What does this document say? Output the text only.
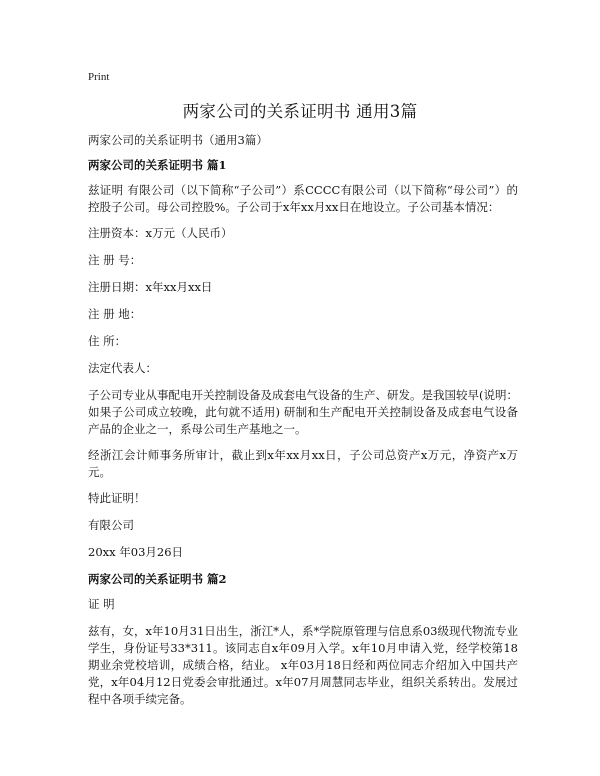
Print
两家公司的关系证明书 通用3篇

两家公司的关系证明书（通用3篇）

两家公司的关系证明书 篇1

兹证明 有限公司（以下简称“子公司”）系CCCC有限公司（以下简称“母公司”）的控股子公司。母公司控股%。子公司于x年xx月xx日在地设立。子公司基本情况：

注册资本：x万元（人民币）

注 册 号：

注册日期：x年xx月xx日

注 册 地：

住 所：

法定代表人：

子公司专业从事配电开关控制设备及成套电气设备的生产、研发。是我国较早(说明：如果子公司成立较晚，此句就不适用) 研制和生产配电开关控制设备及成套电气设备产品的企业之一，系母公司生产基地之一。

经浙江会计师事务所审计，截止到x年xx月xx日，子公司总资产x万元，净资产x万元。

特此证明！

有限公司

20xx 年03月26日

两家公司的关系证明书 篇2

证 明

兹有，女，x年10月31日出生，浙江*人，系*学院原管理与信息系03级现代物流专业学生，身份证号33*311。该同志自x年09月入学。x年10月申请入党，经学校第18期业余党校培训，成绩合格，结业。 x年03月18日经和两位同志介绍加入中国共产党，x年04月12日党委会审批通过。x年07月周慧同志毕业，组织关系转出。发展过程中各项手续完备。
